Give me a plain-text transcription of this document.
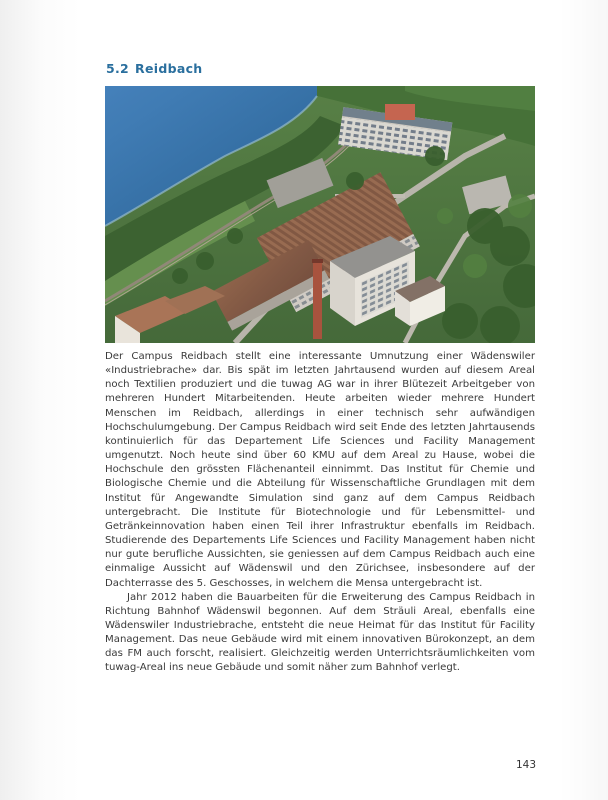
5.2 Reidbach

Der Campus Reidbach stellt eine interessante Umnutzung einer Wädenswiler «Industriebrache» dar. Bis spät im letzten Jahrtausend wurden auf diesem Areal noch Textilien produziert und die tuwag AG war in ihrer Blütezeit Arbeitgeber von mehreren Hundert Mitarbeitenden. Heute arbeiten wieder mehrere Hundert Menschen im Reidbach, allerdings in einer technisch sehr aufwändigen Hochschulumgebung. Der Campus Reidbach wird seit Ende des letzten Jahrtausends kontinuierlich für das Departement Life Sciences und Facility Management umgenutzt. Noch heute sind über 60 KMU auf dem Areal zu Hause, wobei die Hochschule den grössten Flächenanteil einnimmt. Das Institut für Chemie und Biologische Chemie und die Abteilung für Wissenschaftliche Grundlagen mit dem Institut für Angewandte Simulation sind ganz auf dem Campus Reidbach untergebracht. Die Institute für Biotechnologie und für Lebensmittel- und Getränkeinnovation haben einen Teil ihrer Infrastruktur ebenfalls im Reidbach. Studierende des Departements Life Sciences und Facility Management haben nicht nur gute berufliche Aussichten, sie geniessen auf dem Campus Reidbach auch eine einmalige Aussicht auf Wädenswil und den Zürichsee, insbesondere auf der Dachterrasse des 5. Geschosses, in welchem die Mensa untergebracht ist.

Jahr 2012 haben die Bauarbeiten für die Erweiterung des Campus Reidbach in Richtung Bahnhof Wädenswil begonnen. Auf dem Sträuli Areal, ebenfalls eine Wädenswiler Industriebrache, entsteht die neue Heimat für das Institut für Facility Management. Das neue Gebäude wird mit einem innovativen Bürokonzept, an dem das FM auch forscht, realisiert. Gleichzeitig werden Unterrichtsräumlichkeiten vom tuwag-Areal ins neue Gebäude und somit näher zum Bahnhof verlegt.

143
